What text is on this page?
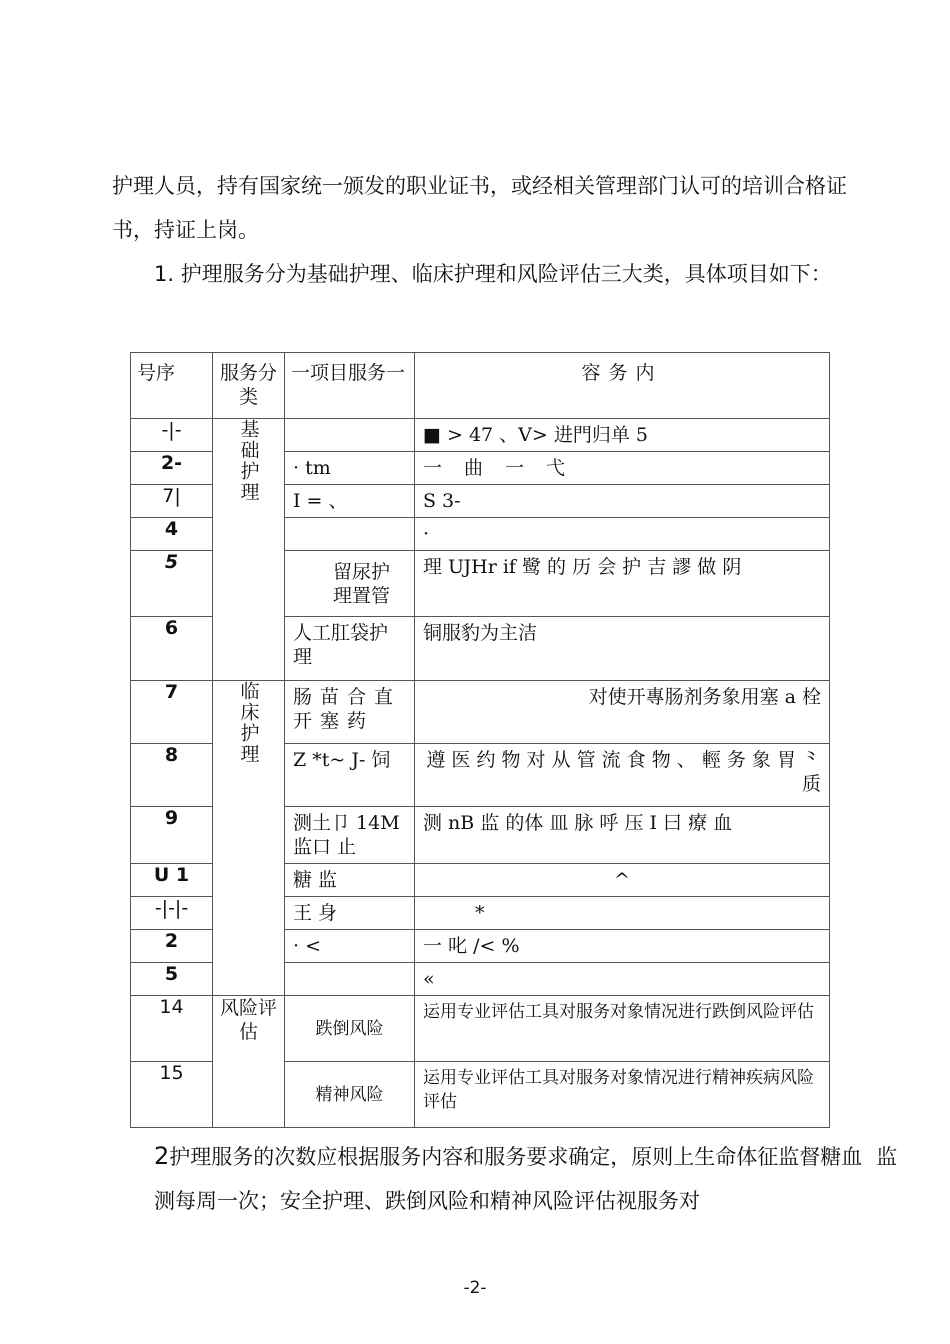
护理人员，持有国家统一颁发的职业证书，或经相关管理部门认可的培训合格证书，持证上岗。

1. 护理服务分为基础护理、临床护理和风险评估三大类，具体项目如下：

号序	服务分类	一项目服务一	容务内
-|-	基础护理		■ > 47 、V> 进門归单 5
2-		· tm	一 曲 一 弋
7|		I = 、	S 3-
4			·
5		留尿护理置管	理 UJHr if 鹭 的 历 会 护 吉 謬 做 阴
6		人工肛袋护理	铜服豹为主洁
7	临床护理	肠苗合直开塞药	对使开專肠剂务象用塞 a 栓
8		Z *t~ J- 饲	遵 医 约 物 对 从 管 流 食 物 、 輕 务 象 胃 ⺀ 质
9		测土卩 14M 监口 止	测 nB 监 的体 皿 脉 呼 压 I 曰 療 血
U 1		糖 监	^
-|-|-		王 身	*
2		· <	一 叱 /< %
5			«
14	风险评估	跌倒风险	运用专业评估工具对服务对象情况进行跌倒风险评估
15		精神风险	运用专业评估工具对服务对象情况进行精神疾病风险评估

2护理服务的次数应根据服务内容和服务要求确定，原则上生命体征监督糖血 监测每周一次；安全护理、跌倒风险和精神风险评估视服务对

-2-
